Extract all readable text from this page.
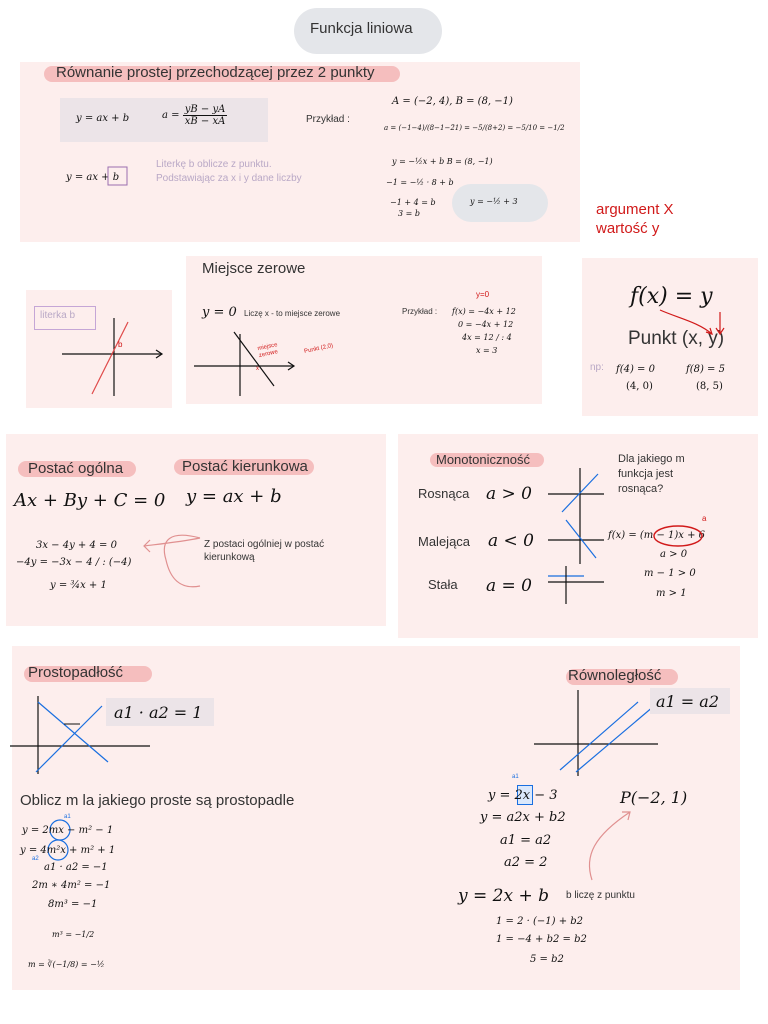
Funkcja liniowa
Równanie prostej przechodzącej przez 2 punkty
y = ax + b	$a = \frac{yB - yA}{xB - xA}$	Przykład :
A = (−2, 4), B = (8, −1)
a = (−1−4)/(8−1−2̄1) = −5/(8+2) = −5/10 = −1/2
y = ax + b
Literkę b oblicze z punktu. Podstawiając za x i y dane liczby
y = −½x + b B = (8, −1)
−1 = −½ · 8 + b
−1 + 4 = b
3 = b
y = −½ + 3	argument X
wartość y
literka b
b
Miejsce zerowe
y = 0 Liczę x - to miejsce zerowe	Przykład :
y=0
f(x) = −4x + 12
0 = −4x + 12
4x = 12 / : 4
x = 3
miejsce zerowe	Punkt (2,0)
x
f(x) = y
Punkt (x, y)
np: f(4) = 0
(4, 0)
f(8) = 5
(8, 5)
Postać ogólna	Postać kierunkowa
Ax + By + C = 0 y = ax + b
3x − 4y + 4 = 0
−4y = −3x − 4 / : (−4)
y = ¾x + 1
Z postaci ogólniej w postać kierunkową
Monotoniczność
Rosnąca a > 0
Malejąca a < 0
Stała a = 0
Dla jakiego m funkcja jest rosnąca?
f(x) = (m − 1)x + 6
a
a > 0
m − 1 > 0
m > 1
Prostopadłość	Równoległość
a1 · a2 = 1
a1 = a2
Oblicz m la jakiego proste są prostopadle
a1
a2
y = 2mx − m² − 1
y = 4m²x + m² + 1
a1 · a2 = −1
2m ∗ 4m² = −1
8m³ = −1
m³ = −1/2
m = ∛(−1/8) = −½
a1
y = 2x − 3	P(−2, 1)
y = a2x + b2
a1 = a2
a2 = 2
y = 2x + b b liczę z punktu
1 = 2 · (−1) + b2
1 = −4 + b2 = b2
5 = b2
